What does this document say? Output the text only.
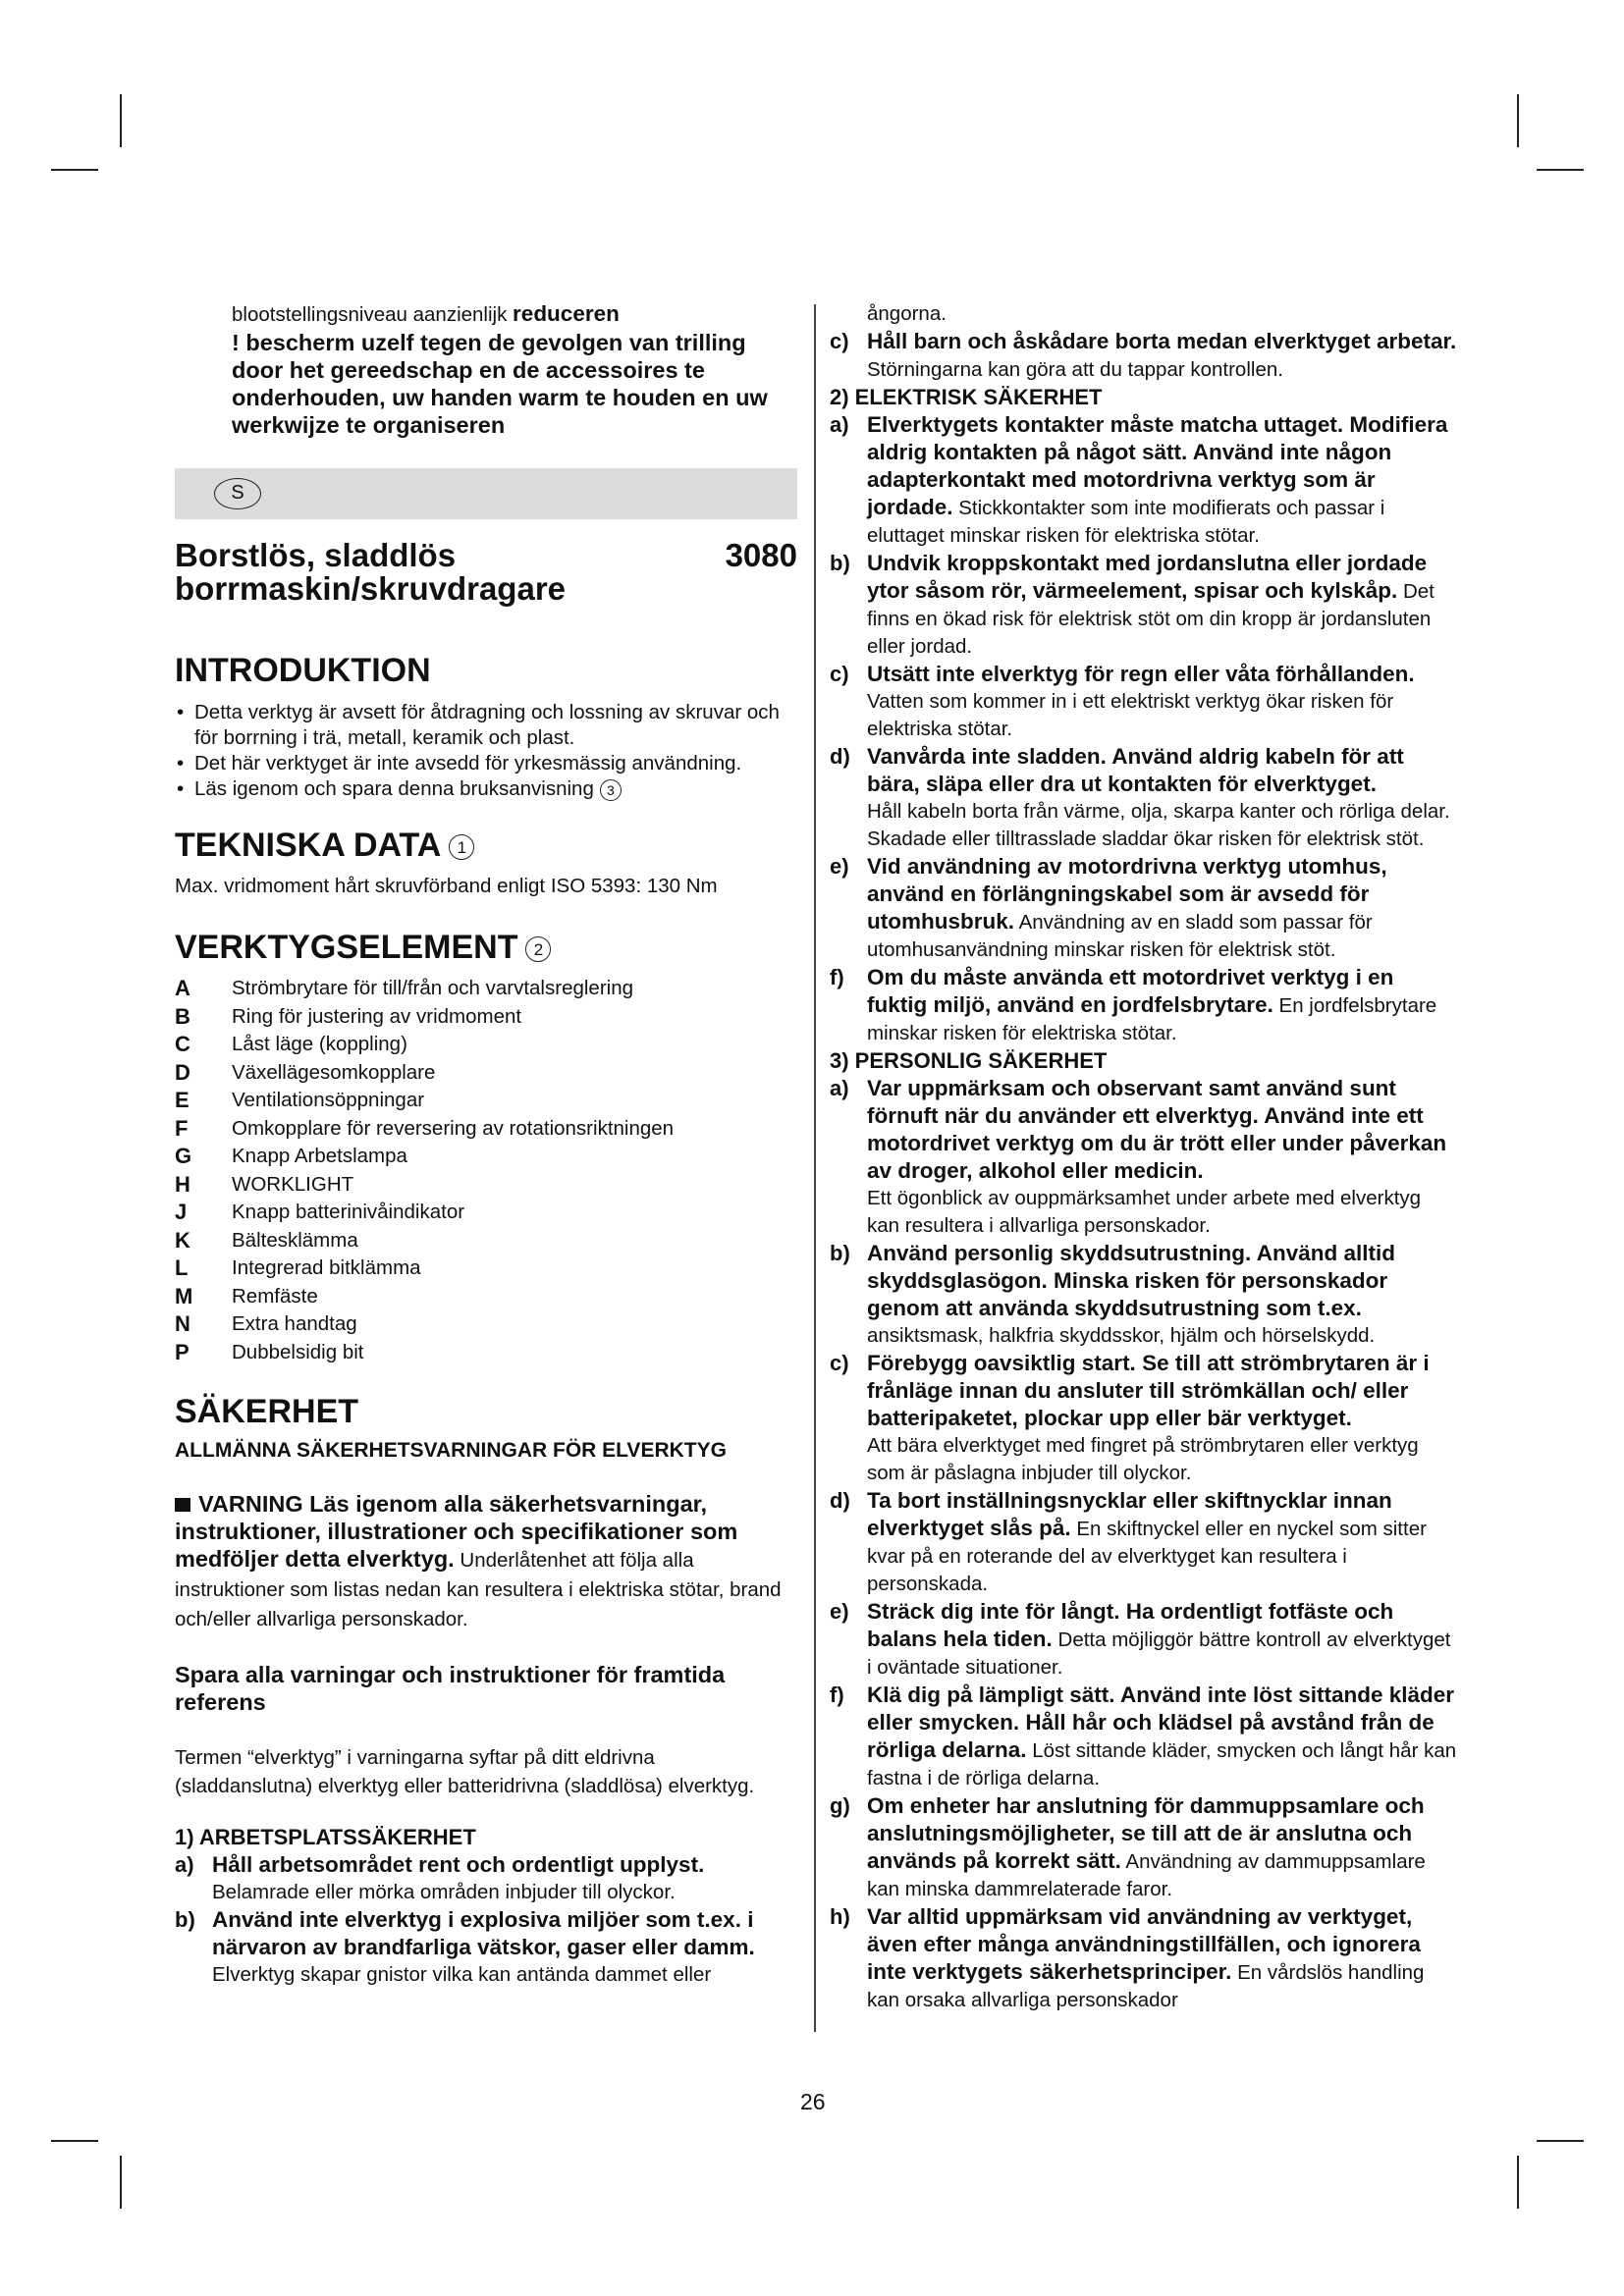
blootstellingsniveau aanzienlijk reduceren

! bescherm uzelf tegen de gevolgen van trilling door het gereedschap en de accessoires te onderhouden, uw handen warm te houden en uw werkwijze te organiseren

S
Borstlös, sladdlös borrmaskin/skruvdragare
3080
INTRODUKTION
• Detta verktyg är avsett för åtdragning och lossning av skruvar och för borrning i trä, metall, keramik och plast.
• Det här verktyget är inte avsedd för yrkesmässig användning.
• Läs igenom och spara denna bruksanvisning 3
TEKNISKA DATA 1

Max. vridmoment hårt skruvförband enligt ISO 5393: 130 Nm

VERKTYGSELEMENT 2
A	Strömbrytare för till/från och varvtalsreglering
B	Ring för justering av vridmoment
C	Låst läge (koppling)
D	Växellägesomkopplare
E	Ventilationsöppningar
F	Omkopplare för reversering av rotationsriktningen
G	Knapp Arbetslampa
H	WORKLIGHT
J	Knapp batterinivåindikator
K	Bältesklämma
L	Integrerad bitklämma
M	Remfäste
N	Extra handtag
P	Dubbelsidig bit
SÄKERHET

ALLMÄNNA SÄKERHETSVARNINGAR FÖR ELVERKTYG

VARNING Läs igenom alla säkerhetsvarningar, instruktioner, illustrationer och specifikationer som medföljer detta elverktyg. Underlåtenhet att följa alla instruktioner som listas nedan kan resultera i elektriska stötar, brand och/eller allvarliga personskador.

Spara alla varningar och instruktioner för framtida referens

Termen “elverktyg” i varningarna syftar på ditt eldrivna (sladdanslutna) elverktyg eller batteridrivna (sladdlösa) elverktyg.

1) ARBETSPLATSSÄKERHET

a) Håll arbetsområdet rent och ordentligt upplyst.
Belamrade eller mörka områden inbjuder till olyckor.
b) Använd inte elverktyg i explosiva miljöer som t.ex. i närvaron av brandfarliga vätskor, gaser eller damm.
Elverktyg skapar gnistor vilka kan antända dammet eller

ångorna.

c) Håll barn och åskådare borta medan elverktyget arbetar. Störningarna kan göra att du tappar kontrollen.

2) ELEKTRISK SÄKERHET

a) Elverktygets kontakter måste matcha uttaget. Modifiera aldrig kontakten på något sätt. Använd inte någon adapterkontakt med motordrivna verktyg som är jordade. Stickkontakter som inte modifierats och passar i eluttaget minskar risken för elektriska stötar.
b) Undvik kroppskontakt med jordanslutna eller jordade ytor såsom rör, värmeelement, spisar och kylskåp. Det finns en ökad risk för elektrisk stöt om din kropp är jordansluten eller jordad.
c) Utsätt inte elverktyg för regn eller våta förhållanden.
Vatten som kommer in i ett elektriskt verktyg ökar risken för elektriska stötar.
d) Vanvårda inte sladden. Använd aldrig kabeln för att bära, släpa eller dra ut kontakten för elverktyget.
Håll kabeln borta från värme, olja, skarpa kanter och rörliga delar. Skadade eller tilltrasslade sladdar ökar risken för elektrisk stöt.
e) Vid användning av motordrivna verktyg utomhus, använd en förlängningskabel som är avsedd för utomhusbruk. Användning av en sladd som passar för utomhusanvändning minskar risken för elektrisk stöt.
f)	Om du måste använda ett motordrivet verktyg i en fuktig miljö, använd en jordfelsbrytare. En jordfelsbrytare minskar risken för elektriska stötar.

3) PERSONLIG SÄKERHET

a) Var uppmärksam och observant samt använd sunt förnuft när du använder ett elverktyg. Använd inte ett motordrivet verktyg om du är trött eller under påverkan av droger, alkohol eller medicin.
Ett ögonblick av ouppmärksamhet under arbete med elverktyg kan resultera i allvarliga personskador.
b) Använd personlig skyddsutrustning. Använd alltid skyddsglasögon. Minska risken för personskador genom att använda skyddsutrustning som t.ex.
ansiktsmask, halkfria skyddsskor, hjälm och hörselskydd.
c) Förebygg oavsiktlig start. Se till att strömbrytaren är i frånläge innan du ansluter till strömkällan och/ eller batteripaketet, plockar upp eller bär verktyget.
Att bära elverktyget med fingret på strömbrytaren eller verktyg som är påslagna inbjuder till olyckor.
d) Ta bort inställningsnycklar eller skiftnycklar innan elverktyget slås på. En skiftnyckel eller en nyckel som sitter kvar på en roterande del av elverktyget kan resultera i personskada.
e) Sträck dig inte för långt. Ha ordentligt fotfäste och balans hela tiden. Detta möjliggör bättre kontroll av elverktyget i oväntade situationer.
f)	Klä dig på lämpligt sätt. Använd inte löst sittande kläder eller smycken. Håll hår och klädsel på avstånd från de rörliga delarna. Löst sittande kläder, smycken och långt hår kan fastna i de rörliga delarna.
g) Om enheter har anslutning för dammuppsamlare och anslutningsmöjligheter, se till att de är anslutna och används på korrekt sätt. Användning av dammuppsamlare kan minska dammrelaterade faror.
h) Var alltid uppmärksam vid användning av verktyget, även efter många användningstillfällen, och ignorera inte verktygets säkerhetsprinciper. En vårdslös handling kan orsaka allvarliga personskador
26
